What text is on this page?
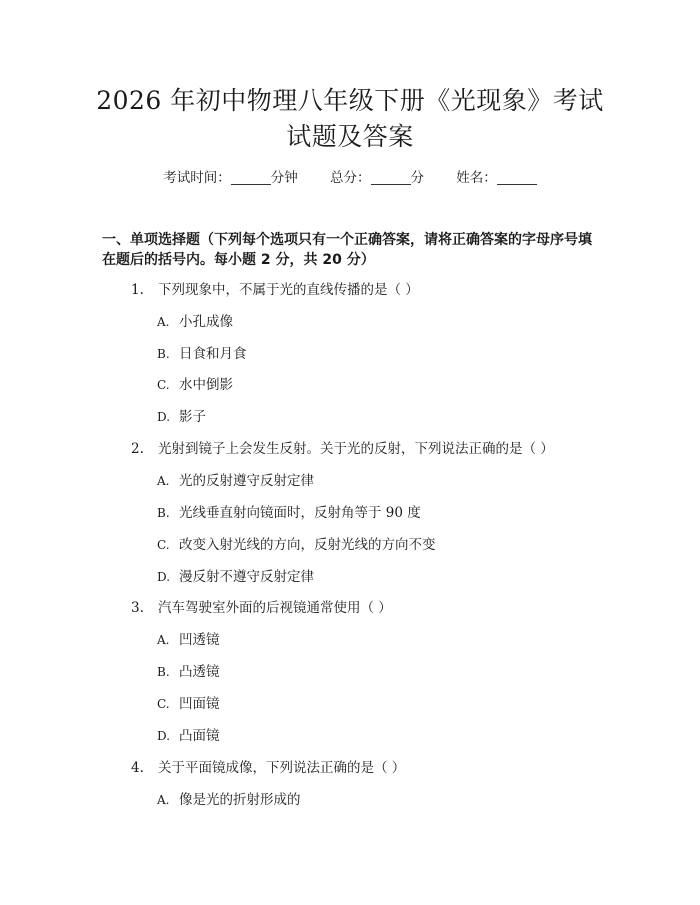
2026 年初中物理八年级下册《光现象》考试
试题及答案
考试时间：	分钟 总分：	分 姓名：
一、单项选择题（下列每个选项只有一个正确答案，请将正确答案的字母序号填
在题后的括号内。每小题 2 分，共 20 分）
1. 下列现象中，不属于光的直线传播的是（ ）
A. 小孔成像
B. 日食和月食
C. 水中倒影
D. 影子
2. 光射到镜子上会发生反射。关于光的反射，下列说法正确的是（ ）
A. 光的反射遵守反射定律
B. 光线垂直射向镜面时，反射角等于 90 度
C. 改变入射光线的方向，反射光线的方向不变
D. 漫反射不遵守反射定律
3. 汽车驾驶室外面的后视镜通常使用（ ）
A. 凹透镜
B. 凸透镜
C. 凹面镜
D. 凸面镜
4. 关于平面镜成像，下列说法正确的是（ ）
A. 像是光的折射形成的
